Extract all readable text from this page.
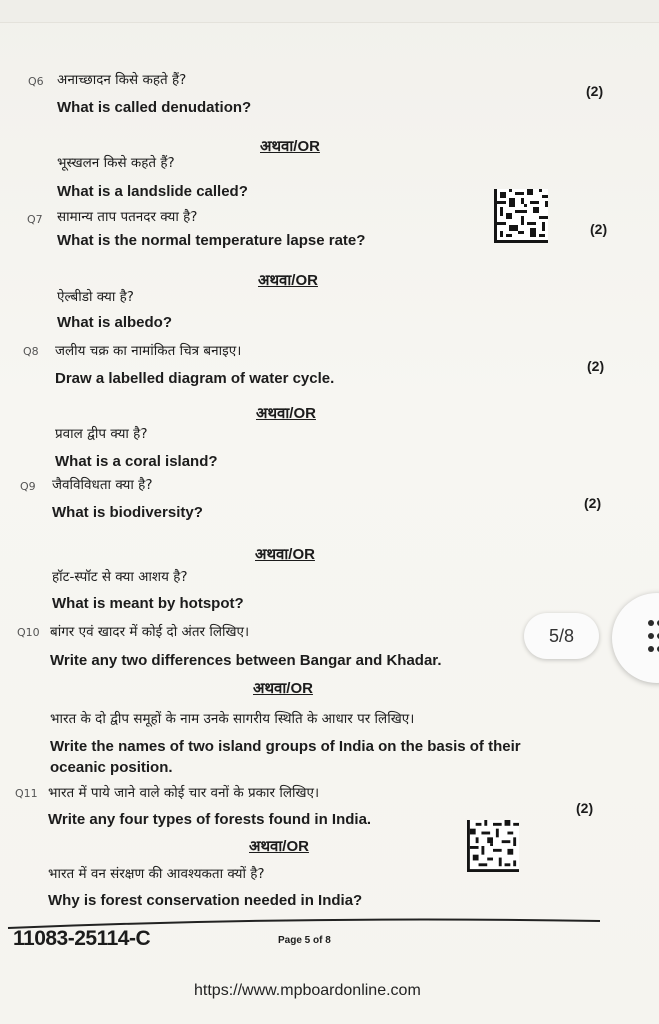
Q6 अनाच्छादन किसे कहते हैं?
What is called denudation?
(2)
अथवा/OR
भूस्खलन किसे कहते हैं?
What is a landslide called?
Q7 सामान्य ताप पतनदर क्या है?
What is the normal temperature lapse rate?
(2)
अथवा/OR
ऐल्बीडो क्या है?
What is albedo?
Q8 जलीय चक्र का नामांकित चित्र बनाइए।
Draw a labelled diagram of water cycle.
(2)
अथवा/OR
प्रवाल द्वीप क्या है?
What is a coral island?
Q9 जैवविविधता क्या है?
What is biodiversity?
(2)
अथवा/OR
हॉट-स्पॉट से क्या आशय है?
What is meant by hotspot?
Q10 बांगर एवं खादर में कोई दो अंतर लिखिए।
Write any two differences between Bangar and Khadar.
अथवा/OR
भारत के दो द्वीप समूहों के नाम उनके सागरीय स्थिति के आधार पर लिखिए।
Write the names of two island groups of India on the basis of their
oceanic position.
Q11 भारत में पाये जाने वाले कोई चार वनों के प्रकार लिखिए।
Write any four types of forests found in India.
(2)
अथवा/OR
भारत में वन संरक्षण की आवश्यकता क्यों है?
Why is forest conservation needed in India?
11083-25114-C	Page 5 of 8
https://www.mpboardonline.com
5/8
